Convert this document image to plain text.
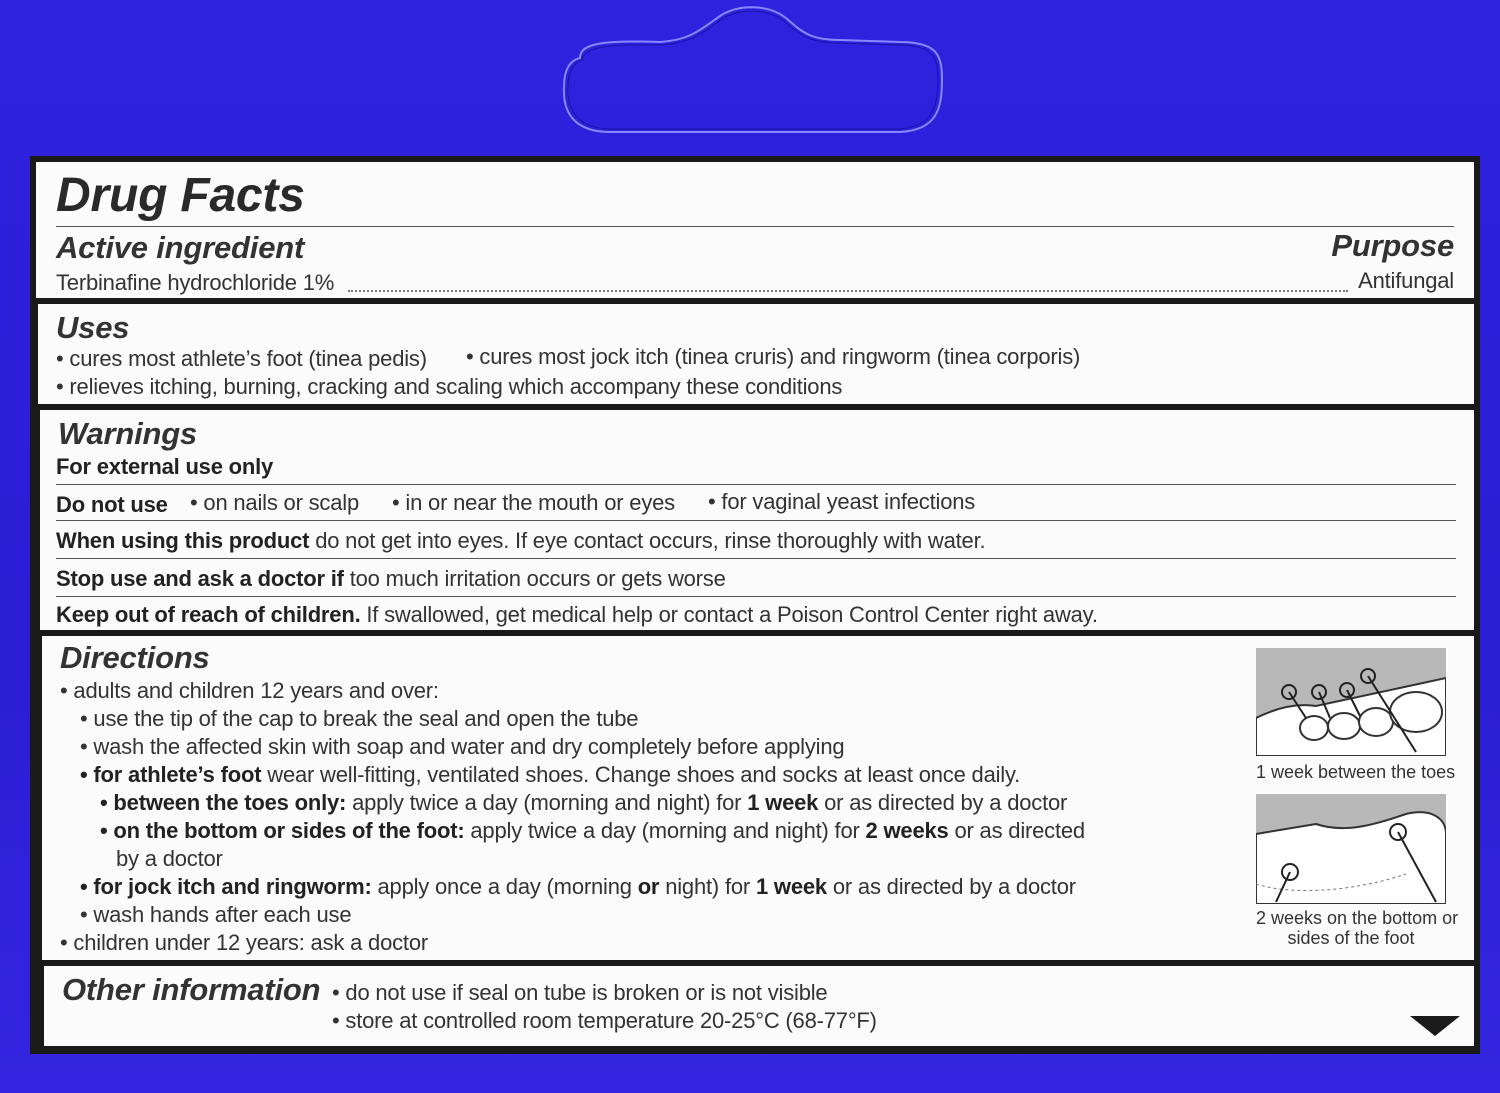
Drug Facts
Active ingredient	Purpose
Terbinafine hydrochloride 1%	Antifungal
Uses
• cures most athlete’s foot (tinea pedis) • cures most jock itch (tinea cruris) and ringworm (tinea corporis)
• relieves itching, burning, cracking and scaling which accompany these conditions
Warnings
For external use only
Do not use • on nails or scalp • in or near the mouth or eyes • for vaginal yeast infections
When using this product do not get into eyes. If eye contact occurs, rinse thoroughly with water.
Stop use and ask a doctor if too much irritation occurs or gets worse
Keep out of reach of children. If swallowed, get medical help or contact a Poison Control Center right away.
Directions
• adults and children 12 years and over:
• use the tip of the cap to break the seal and open the tube
• wash the affected skin with soap and water and dry completely before applying
• for athlete’s foot wear well-fitting, ventilated shoes. Change shoes and socks at least once daily.
• between the toes only: apply twice a day (morning and night) for 1 week or as directed by a doctor
• on the bottom or sides of the foot: apply twice a day (morning and night) for 2 weeks or as directed
by a doctor
• for jock itch and ringworm: apply once a day (morning or night) for 1 week or as directed by a doctor
• wash hands after each use
• children under 12 years: ask a doctor
1 week between the toes
2 weeks on the bottom or
sides of the foot
Other information • do not use if seal on tube is broken or is not visible
• store at controlled room temperature 20-25°C (68-77°F)
